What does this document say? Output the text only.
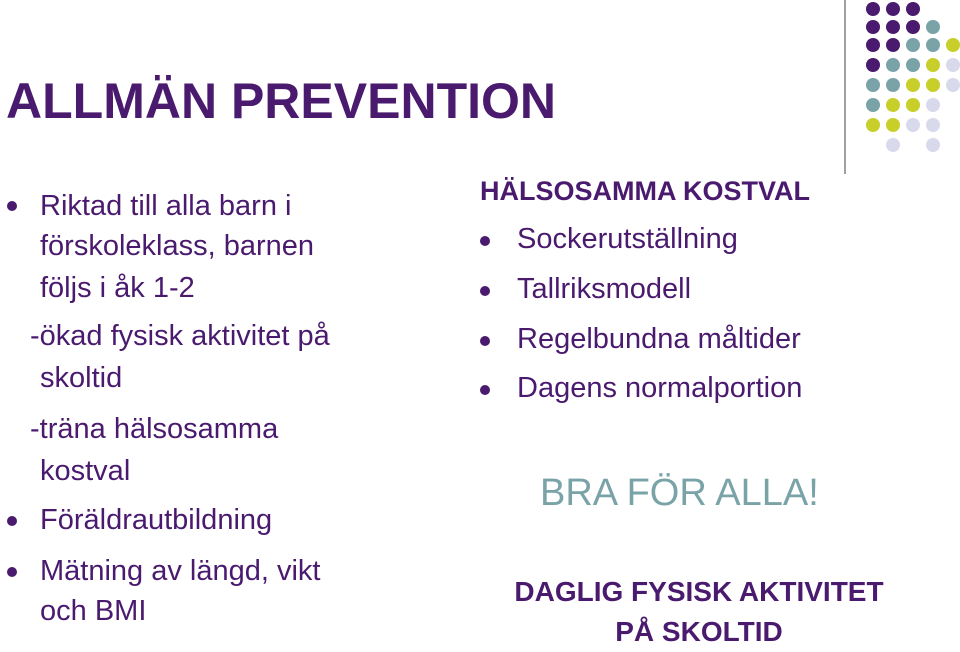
ALLMÄN PREVENTION
Riktad till alla barn i
förskoleklass, barnen
följs i åk 1-2
-ökad fysisk aktivitet på
skoltid
-träna hälsosamma
kostval
Föräldrautbildning
Mätning av längd, vikt
och BMI
HÄLSOSAMMA KOSTVAL
Sockerutställning
Tallriksmodell
Regelbundna måltider
Dagens normalportion
BRA FÖR ALLA!
DAGLIG FYSISK AKTIVITET
PÅ SKOLTID
